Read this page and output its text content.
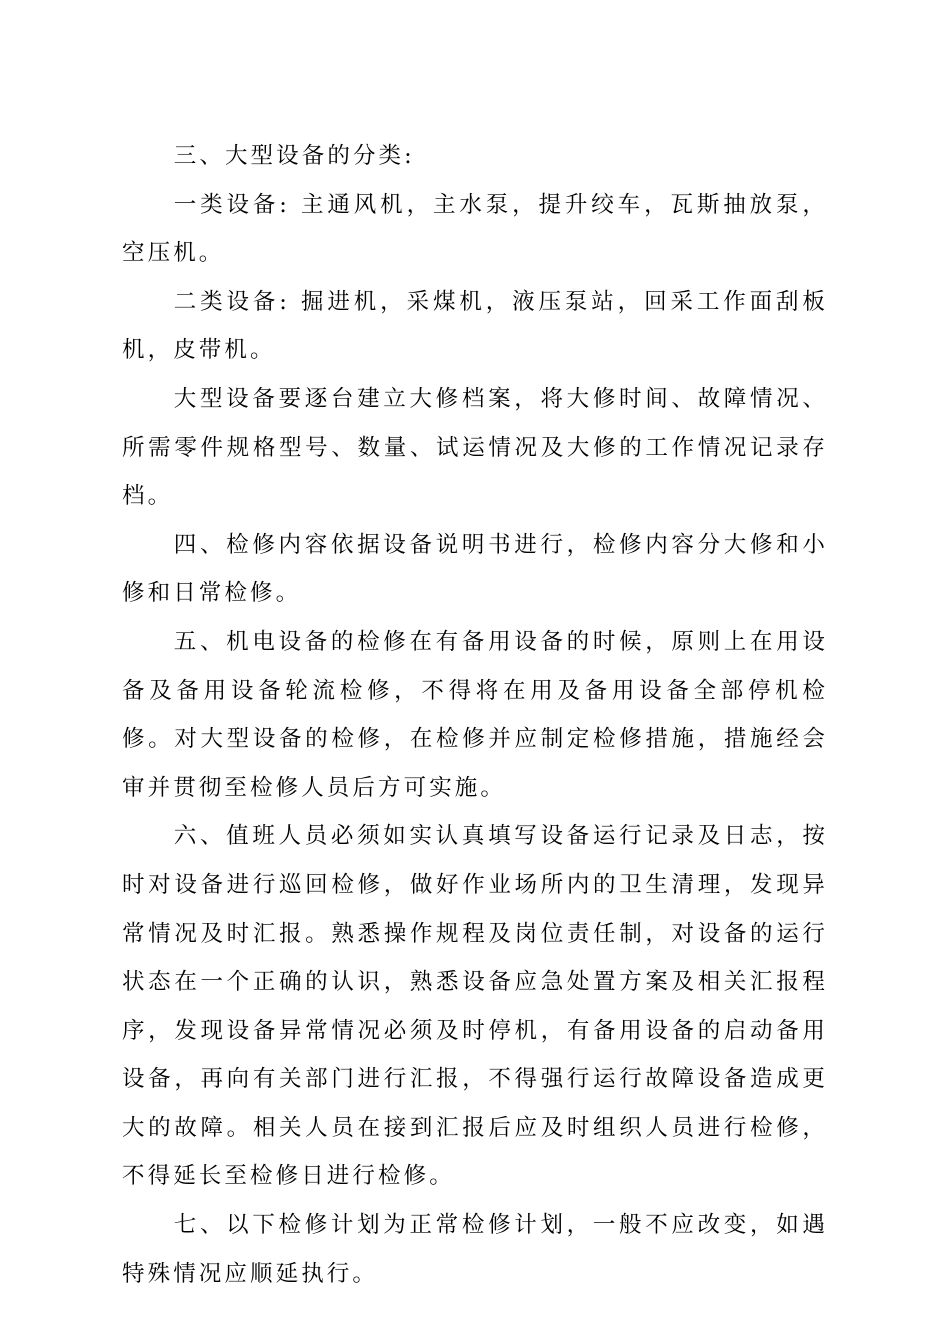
三、大型设备的分类:

一类设备: 主通风机，主水泵，提升绞车，瓦斯抽放泵，空压机。

二类设备: 掘进机，采煤机，液压泵站，回采工作面刮板机，皮带机。

大型设备要逐台建立大修档案，将大修时间、故障情况、所需零件规格型号、数量、试运情况及大修的工作情况记录存档。

四、检修内容依据设备说明书进行，检修内容分大修和小修和日常检修。

五、机电设备的检修在有备用设备的时候，原则上在用设备及备用设备轮流检修，不得将在用及备用设备全部停机检修。对大型设备的检修，在检修并应制定检修措施，措施经会审并贯彻至检修人员后方可实施。

六、值班人员必须如实认真填写设备运行记录及日志，按时对设备进行巡回检修，做好作业场所内的卫生清理，发现异常情况及时汇报。熟悉操作规程及岗位责任制，对设备的运行状态在一个正确的认识，熟悉设备应急处置方案及相关汇报程序，发现设备异常情况必须及时停机，有备用设备的启动备用设备，再向有关部门进行汇报，不得强行运行故障设备造成更大的故障。相关人员在接到汇报后应及时组织人员进行检修，不得延长至检修日进行检修。

七、以下检修计划为正常检修计划，一般不应改变，如遇特殊情况应顺延执行。
